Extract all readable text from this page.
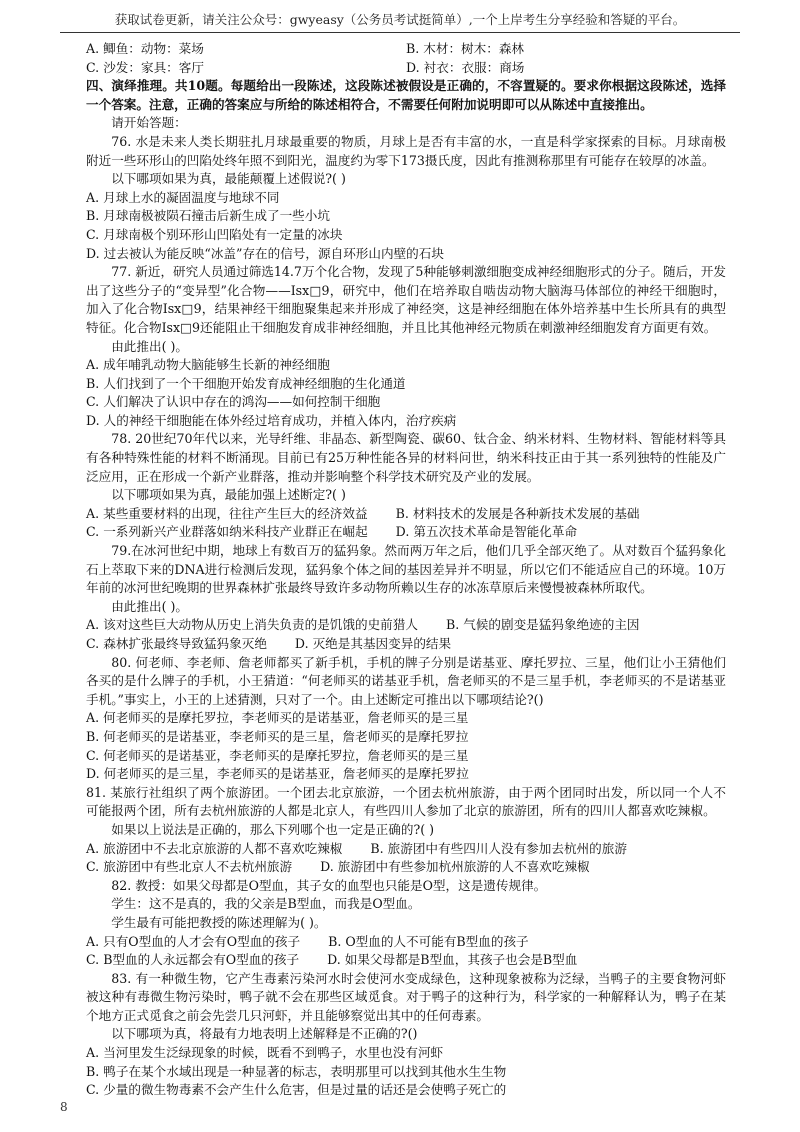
获取试卷更新，请关注公众号：gwyeasy（公务员考试挺简单）,一个上岸考生分享经验和答疑的平台。
A. 鲫鱼：动物：菜场	B. 木材：树木：森林
C. 沙发：家具：客厅	D. 衬衣：衣服：商场

四、演绎推理。共10题。每题给出一段陈述，这段陈述被假设是正确的，不容置疑的。要求你根据这段陈述，选择一个答案。注意，正确的答案应与所给的陈述相符合，不需要任何附加说明即可以从陈述中直接推出。

请开始答题：

76. 水是未来人类长期驻扎月球最重要的物质，月球上是否有丰富的水，一直是科学家探索的目标。月球南极附近一些环形山的凹陷处终年照不到阳光，温度约为零下173摄氏度，因此有推测称那里有可能存在较厚的冰盖。

以下哪项如果为真，最能颠覆上述假说?( )

A. 月球上水的凝固温度与地球不同

B. 月球南极被陨石撞击后新生成了一些小坑

C. 月球南极个别环形山凹陷处有一定量的冰块

D. 过去被认为能反映“冰盖”存在的信号，源自环形山内壁的石块

77. 新近，研究人员通过筛选14.7万个化合物，发现了5种能够刺激细胞变成神经细胞形式的分子。随后，开发出了这些分子的“变异型”化合物——Isx□9，研究中，他们在培养取自啮齿动物大脑海马体部位的神经干细胞时，加入了化合物Isx□9，结果神经干细胞聚集起来并形成了神经突，这是神经细胞在体外培养基中生长所具有的典型特征。化合物Isx□9还能阻止干细胞发育成非神经细胞，并且比其他神经元物质在刺激神经细胞发育方面更有效。

由此推出( )。

A. 成年哺乳动物大脑能够生长新的神经细胞

B. 人们找到了一个干细胞开始发育成神经细胞的生化通道

C. 人们解决了认识中存在的鸿沟——如何控制干细胞

D. 人的神经干细胞能在体外经过培育成功，并植入体内，治疗疾病

78. 20世纪70年代以来，光导纤维、非晶态、新型陶瓷、碳60、钛合金、纳米材料、生物材料、智能材料等具有各种特殊性能的材料不断涌现。目前已有25万种性能各异的材料问世，纳米科技正由于其一系列独特的性能及广泛应用，正在形成一个新产业群落，推动并影响整个科学技术研究及产业的发展。

以下哪项如果为真，最能加强上述断定?( )

A. 某些重要材料的出现，往往产生巨大的经济效益 B. 材料技术的发展是各种新技术发展的基础
C. 一系列新兴产业群落如纳米科技产业群正在崛起 D. 第五次技术革命是智能化革命

79.在冰河世纪中期，地球上有数百万的猛犸象。然而两万年之后，他们几乎全部灭绝了。从对数百个猛犸象化石上萃取下来的DNA进行检测后发现，猛犸象个体之间的基因差异并不明显，所以它们不能适应自己的环境。10万年前的冰河世纪晚期的世界森林扩张最终导致许多动物所赖以生存的冰冻草原后来慢慢被森林所取代。

由此推出( )。

A. 该对这些巨大动物从历史上消失负责的是饥饿的史前猎人 B. 气候的剧变是猛犸象绝迹的主因
C. 森林扩张最终导致猛犸象灭绝 D. 灭绝是其基因变异的结果

80. 何老师、李老师、詹老师都买了新手机，手机的牌子分别是诺基亚、摩托罗拉、三星，他们让小王猜他们各买的是什么牌子的手机，小王猜道：“何老师买的诺基亚手机，詹老师买的不是三星手机，李老师买的不是诺基亚手机。”事实上，小王的上述猜测，只对了一个。由上述断定可推出以下哪项结论?()

A. 何老师买的是摩托罗拉，李老师买的是诺基亚，詹老师买的是三星

B. 何老师买的是诺基亚，李老师买的是三星，詹老师买的是摩托罗拉

C. 何老师买的是诺基亚，李老师买的是摩托罗拉，詹老师买的是三星

D. 何老师买的是三星，李老师买的是诺基亚，詹老师买的是摩托罗拉

81. 某旅行社组织了两个旅游团。一个团去北京旅游，一个团去杭州旅游，由于两个团同时出发，所以同一个人不可能报两个团，所有去杭州旅游的人都是北京人，有些四川人参加了北京的旅游团，所有的四川人都喜欢吃辣椒。

如果以上说法是正确的，那么下列哪个也一定是正确的?( )

A. 旅游团中不去北京旅游的人都不喜欢吃辣椒 B. 旅游团中有些四川人没有参加去杭州的旅游
C. 旅游团中有些北京人不去杭州旅游 D. 旅游团中有些参加杭州旅游的人不喜欢吃辣椒

82. 教授：如果父母都是O型血，其子女的血型也只能是O型，这是遗传规律。

学生：这不是真的，我的父亲是B型血，而我是O型血。

学生最有可能把教授的陈述理解为( )。

A. 只有O型血的人才会有O型血的孩子 B. O型血的人不可能有B型血的孩子
C. B型血的人永远都会有O型血的孩子 D. 如果父母都是B型血，其孩子也会是B型血

83. 有一种微生物，它产生毒素污染河水时会使河水变成绿色，这种现象被称为泛绿，当鸭子的主要食物河虾被这种有毒微生物污染时，鸭子就不会在那些区域觅食。对于鸭子的这种行为，科学家的一种解释认为，鸭子在某个地方正式觅食之前会先尝几只河虾，并且能够察觉出其中的任何毒素。

以下哪项为真，将最有力地表明上述解释是不正确的?()

A. 当河里发生泛绿现象的时候，既看不到鸭子，水里也没有河虾

B. 鸭子在某个水域出现是一种显著的标志，表明那里可以找到其他水生生物

C. 少量的微生物毒素不会产生什么危害，但是过量的话还是会使鸭子死亡的

8
